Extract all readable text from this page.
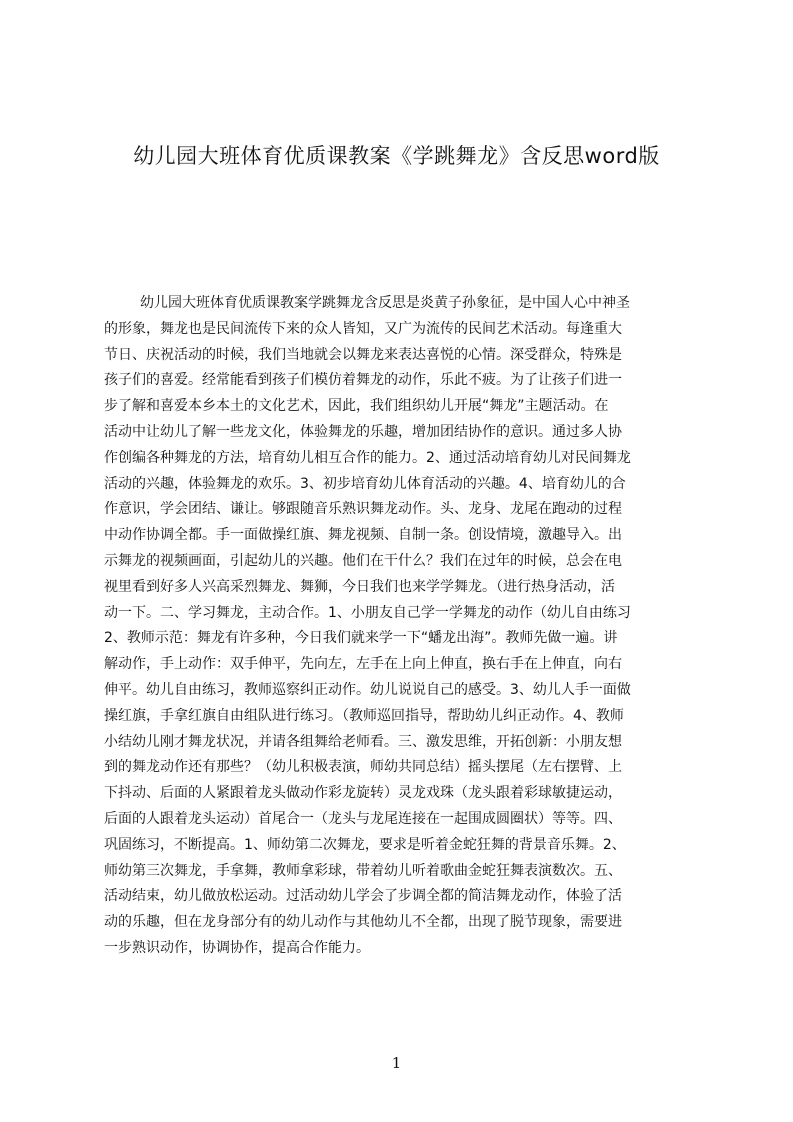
幼儿园大班体育优质课教案《学跳舞龙》含反思word版
幼儿园大班体育优质课教案学跳舞龙含反思是炎黄子孙象征，是中国人心中神圣
的形象，舞龙也是民间流传下来的众人皆知，又广为流传的民间艺术活动。每逢重大
节日、庆祝活动的时候，我们当地就会以舞龙来表达喜悦的心情。深受群众，特殊是
孩子们的喜爱。经常能看到孩子们模仿着舞龙的动作，乐此不疲。为了让孩子们进一
步了解和喜爱本乡本土的文化艺术，因此，我们组织幼儿开展“舞龙”主题活动。在
活动中让幼儿了解一些龙文化，体验舞龙的乐趣，增加团结协作的意识。通过多人协
作创编各种舞龙的方法，培育幼儿相互合作的能力。2、通过活动培育幼儿对民间舞龙
活动的兴趣，体验舞龙的欢乐。3、初步培育幼儿体育活动的兴趣。4、培育幼儿的合
作意识，学会团结、谦让。够跟随音乐熟识舞龙动作。头、龙身、龙尾在跑动的过程
中动作协调全都。手一面做操红旗、舞龙视频、自制一条。创设情境，激趣导入。出
示舞龙的视频画面，引起幼儿的兴趣。他们在干什么？我们在过年的时候，总会在电
视里看到好多人兴高采烈舞龙、舞狮，今日我们也来学学舞龙。（进行热身活动，活
动一下。二、学习舞龙，主动合作。1、小朋友自己学一学舞龙的动作（幼儿自由练习
2、教师示范：舞龙有许多种，今日我们就来学一下“蟠龙出海”。教师先做一遍。讲
解动作，手上动作：双手伸平，先向左，左手在上向上伸直，换右手在上伸直，向右
伸平。幼儿自由练习，教师巡察纠正动作。幼儿说说自己的感受。3、幼儿人手一面做
操红旗，手拿红旗自由组队进行练习。（教师巡回指导，帮助幼儿纠正动作。4、教师
小结幼儿刚才舞龙状况，并请各组舞给老师看。三、激发思维，开拓创新：小朋友想
到的舞龙动作还有那些？（幼儿积极表演，师幼共同总结）摇头摆尾（左右摆臂、上
下抖动、后面的人紧跟着龙头做动作彩龙旋转）灵龙戏珠（龙头跟着彩球敏捷运动，
后面的人跟着龙头运动）首尾合一（龙头与龙尾连接在一起围成圆圈状）等等。四、
巩固练习，不断提高。1、师幼第二次舞龙，要求是听着金蛇狂舞的背景音乐舞。2、
师幼第三次舞龙，手拿舞，教师拿彩球，带着幼儿听着歌曲金蛇狂舞表演数次。五、
活动结束，幼儿做放松运动。过活动幼儿学会了步调全都的简洁舞龙动作，体验了活
动的乐趣，但在龙身部分有的幼儿动作与其他幼儿不全都，出现了脱节现象，需要进
一步熟识动作，协调协作，提高合作能力。
1
